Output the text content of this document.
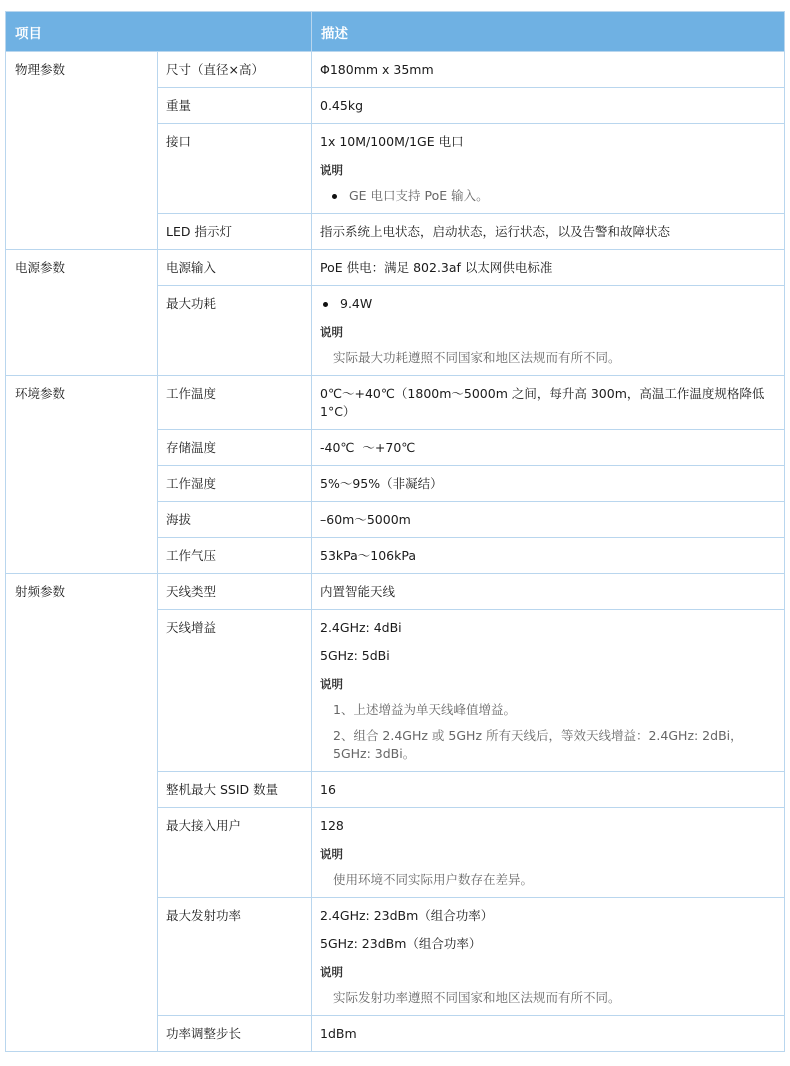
项目		描述
物理参数	尺寸（直径×高）	Φ180mm x 35mm
	重量	0.45kg
	接口	1x 10M/100M/1GE 电口
说明
GE 电口支持 PoE 输入。

	LED 指示灯	指示系统上电状态，启动状态，运行状态，以及告警和故障状态
电源参数	电源输入	PoE 供电：满足 802.3af 以太网供电标准
	最大功耗	9.4W
说明
实际最大功耗遵照不同国家和地区法规而有所不同。

环境参数	工作温度	0℃～+40℃（1800m～5000m 之间，每升高 300m，高温工作温度规格降低 1°C）
	存储温度	-40℃  ～+70℃
	工作湿度	5%～95%（非凝结）
	海拔	–60m～5000m
	工作气压	53kPa～106kPa
射频参数	天线类型	内置智能天线
	天线增益	2.4GHz: 4dBi
5GHz: 5dBi
说明
1、上述增益为单天线峰值增益。
2、组合 2.4GHz 或 5GHz 所有天线后，等效天线增益：2.4GHz: 2dBi，5GHz: 3dBi。

	整机最大 SSID 数量	16
	最大接入用户	128
说明
使用环境不同实际用户数存在差异。

	最大发射功率	2.4GHz: 23dBm（组合功率）
5GHz: 23dBm（组合功率）
说明
实际发射功率遵照不同国家和地区法规而有所不同。

	功率调整步长	1dBm
